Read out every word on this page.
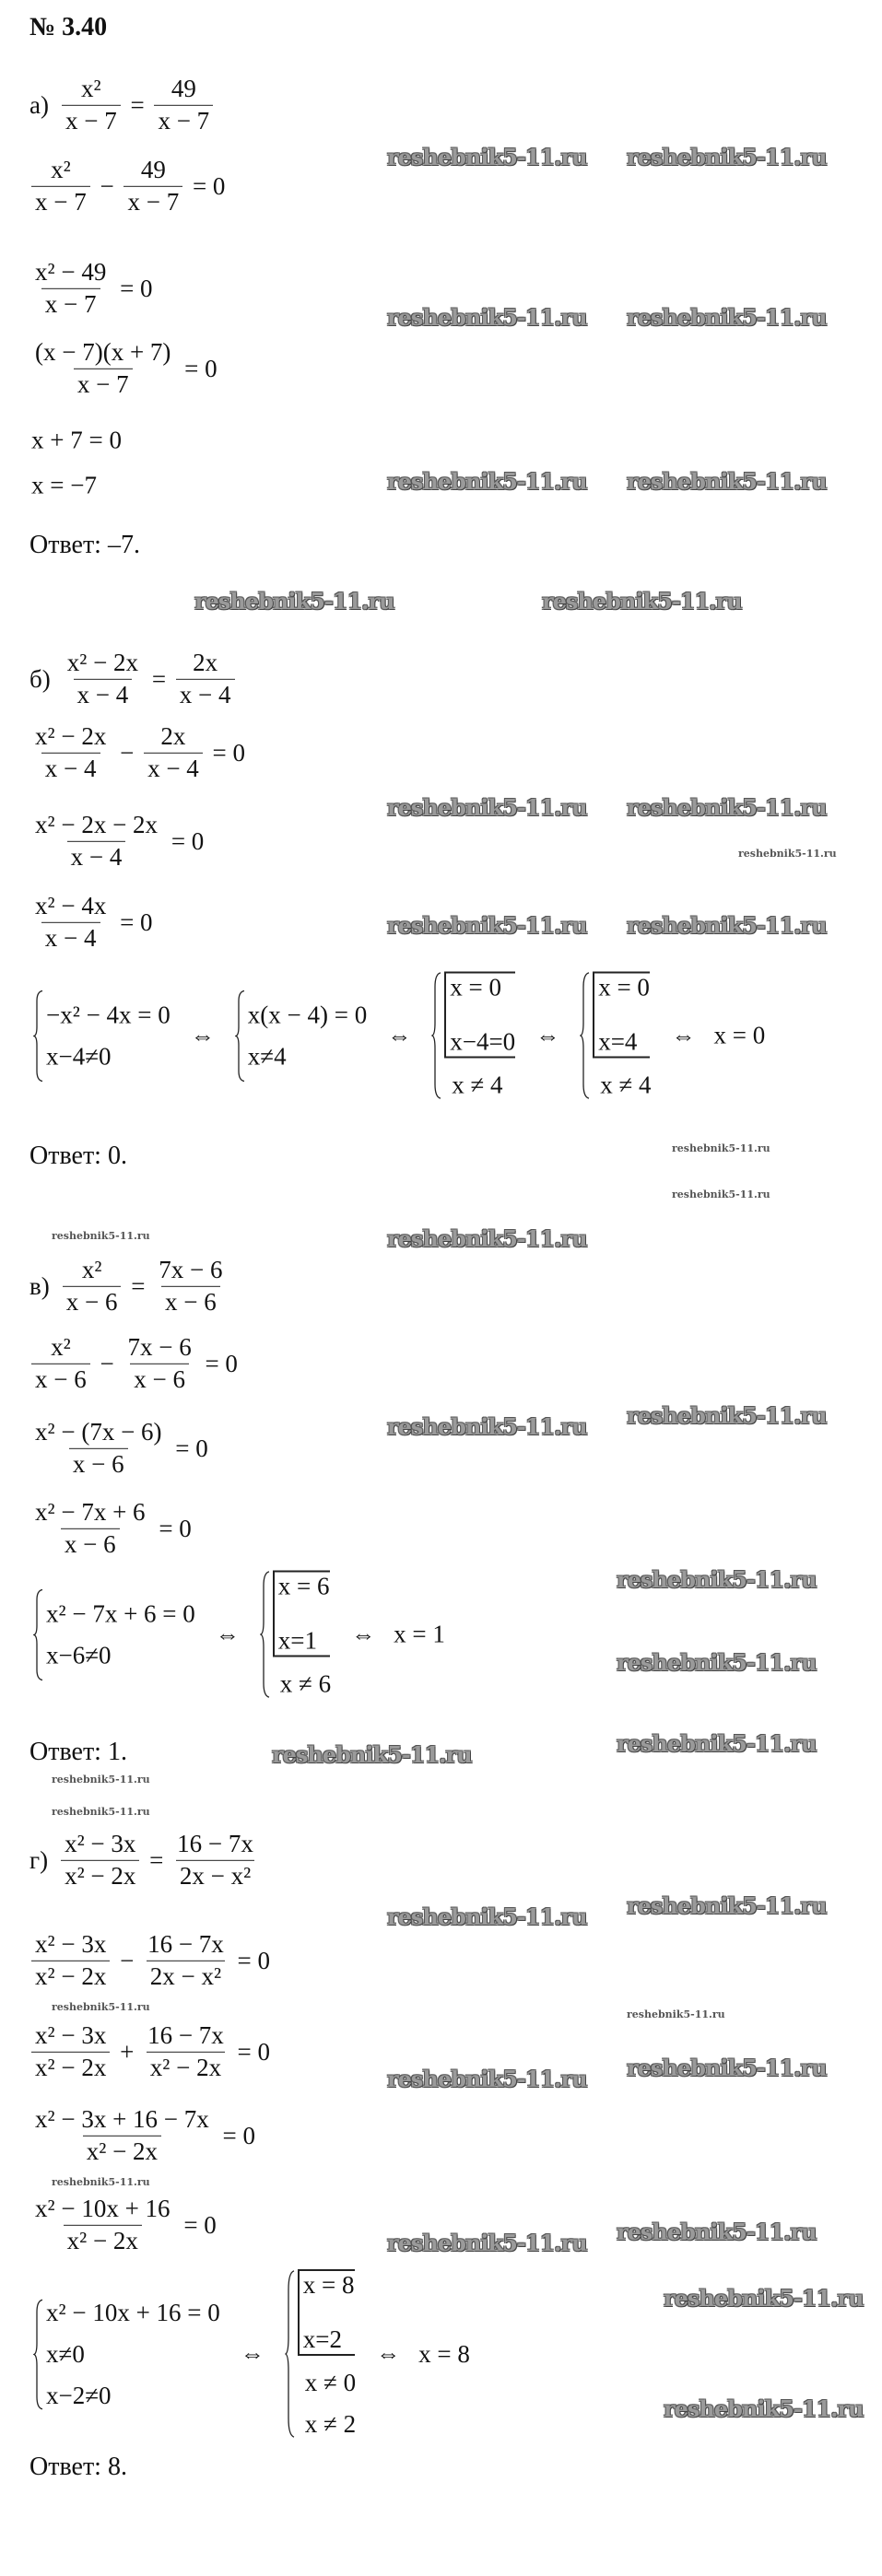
№ 3.40
$а) \frac{\text{x²}}{x - 7} = \frac{49}{x - 7}$
$\frac{\text{x²}}{x - 7} - \frac{49}{x - 7} = 0$
$\frac{\text{x² − 49}}{x - 7} = 0$
$\frac{(x - 7)(x + 7)}{x - 7} = 0$
x + 7 = 0
x = −7
Ответ: –7.
$б) \frac{\text{x² − 2x}}{x - 4} = \frac{2x}{x - 4}$
$\frac{\text{x² − 2x}}{x - 4} - \frac{2x}{x - 4} = 0$
$\frac{\text{x² − 2x − 2x}}{x - 4} = 0$
$\frac{\text{x² − 4x}}{x - 4} = 0$
−x² − 4x = 0
x−4≠0
⇔
x(x − 4) = 0
x≠4
⇔
x = 0
x−4=0
x ≠ 4
⇔
x = 0
x=4
x ≠ 4
⇔ x = 0
Ответ: 0.
$в) \frac{\text{x²}}{x - 6} = \frac{7x - 6}{x - 6}$
$\frac{\text{x²}}{x - 6} - \frac{7x - 6}{x - 6} = 0$
$\frac{\text{x² − (7x − 6)}}{x - 6} = 0$
$\frac{\text{x² − 7x + 6}}{x - 6} = 0$
x² − 7x + 6 = 0
x−6≠0
⇔
x = 6
x=1
x ≠ 6
⇔ x = 1
Ответ: 1.
$г) \frac{\text{x² − 3x}}{\text{x² − 2x}} = \frac{16 - 7x}{\text{2x − x²}}$
$\frac{\text{x² − 3x}}{\text{x² − 2x}} - \frac{16 - 7x}{\text{2x − x²}} = 0$
$\frac{\text{x² − 3x}}{\text{x² − 2x}} + \frac{16 - 7x}{\text{x² − 2x}} = 0$
$\frac{\text{x² − 3x + 16 − 7x}}{\text{x² − 2x}} = 0$
$\frac{\text{x² − 10x + 16}}{\text{x² − 2x}} = 0$
x² − 10x + 16 = 0
x≠0
x−2≠0
⇔
x = 8
x=2
x ≠ 0
x ≠ 2
⇔ x = 8
Ответ: 8.
reshebnik5-11.ru reshebnik5-11.ru
reshebnik5-11.ru reshebnik5-11.ru
reshebnik5-11.ru reshebnik5-11.ru
reshebnik5-11.ru	reshebnik5-11.ru
reshebnik5-11.ru reshebnik5-11.ru
reshebnik5-11.ru
reshebnik5-11.ru reshebnik5-11.ru
reshebnik5-11.ru
reshebnik5-11.ru
reshebnik5-11.ru	reshebnik5-11.ru
reshebnik5-11.ru reshebnik5-11.ru
reshebnik5-11.ru
reshebnik5-11.ru
reshebnik5-11.ru	reshebnik5-11.ru
reshebnik5-11.ru
reshebnik5-11.ru
reshebnik5-11.ru reshebnik5-11.ru
reshebnik5-11.ru
reshebnik5-11.ru
reshebnik5-11.ru reshebnik5-11.ru
reshebnik5-11.ru
reshebnik5-11.ru reshebnik5-11.ru
reshebnik5-11.ru
reshebnik5-11.ru
